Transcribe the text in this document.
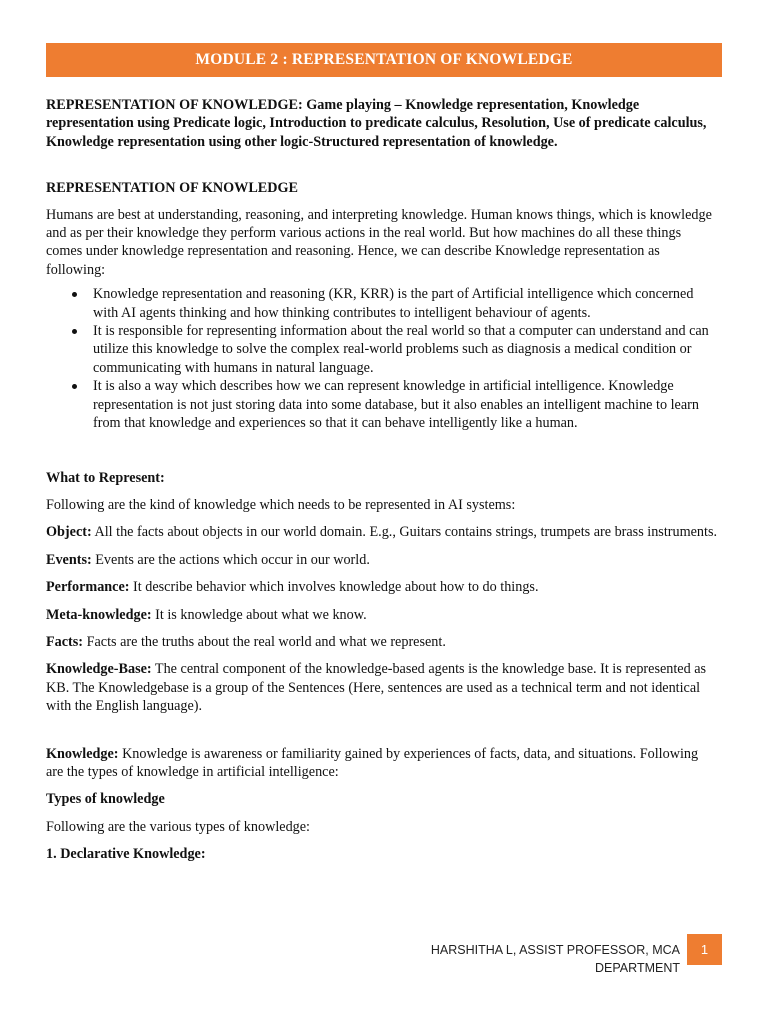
MODULE 2 : REPRESENTATION OF KNOWLEDGE

REPRESENTATION OF KNOWLEDGE: Game playing – Knowledge representation, Knowledge representation using Predicate logic, Introduction to predicate calculus, Resolution, Use of predicate calculus, Knowledge representation using other logic-Structured representation of knowledge.

REPRESENTATION OF KNOWLEDGE

Humans are best at understanding, reasoning, and interpreting knowledge. Human knows things, which is knowledge and as per their knowledge they perform various actions in the real world. But how machines do all these things comes under knowledge representation and reasoning. Hence, we can describe Knowledge representation as following:

Knowledge representation and reasoning (KR, KRR) is the part of Artificial intelligence which concerned with AI agents thinking and how thinking contributes to intelligent behaviour of agents.
It is responsible for representing information about the real world so that a computer can understand and can utilize this knowledge to solve the complex real-world problems such as diagnosis a medical condition or communicating with humans in natural language.
It is also a way which describes how we can represent knowledge in artificial intelligence. Knowledge representation is not just storing data into some database, but it also enables an intelligent machine to learn from that knowledge and experiences so that it can behave intelligently like a human.

What to Represent:

Following are the kind of knowledge which needs to be represented in AI systems:

Object: All the facts about objects in our world domain. E.g., Guitars contains strings, trumpets are brass instruments.

Events: Events are the actions which occur in our world.

Performance: It describe behavior which involves knowledge about how to do things.

Meta-knowledge: It is knowledge about what we know.

Facts: Facts are the truths about the real world and what we represent.

Knowledge-Base: The central component of the knowledge-based agents is the knowledge base. It is represented as KB. The Knowledgebase is a group of the Sentences (Here, sentences are used as a technical term and not identical with the English language).

Knowledge: Knowledge is awareness or familiarity gained by experiences of facts, data, and situations. Following are the types of knowledge in artificial intelligence:

Types of knowledge

Following are the various types of knowledge:

1. Declarative Knowledge:

HARSHITHA L, ASSIST PROFESSOR, MCA DEPARTMENT
1
